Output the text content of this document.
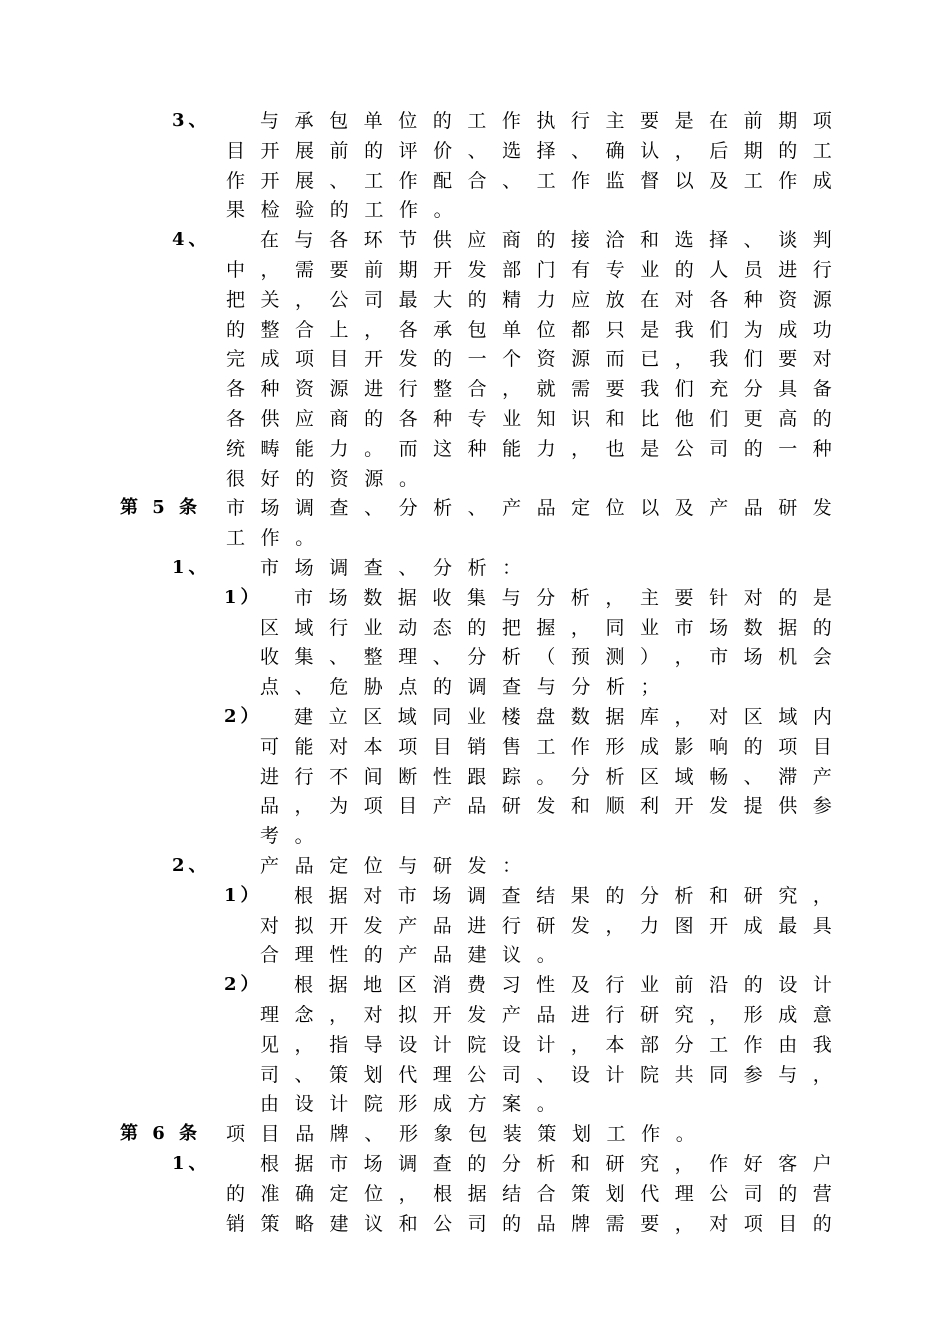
3、	与 承 包 单 位 的 工 作 执 行 主 要 是 在 前 期 项
目 开 展 前 的 评 价 、 选 择 、 确 认 ， 后 期 的 工
作 开 展 、 工 作 配 合 、 工 作 监 督 以 及 工 作 成
果 检 验 的 工 作 。
4、	在 与 各 环 节 供 应 商 的 接 洽 和 选 择 、 谈 判
中 ， 需 要 前 期 开 发 部 门 有 专 业 的 人 员 进 行
把 关 ， 公 司 最 大 的 精 力 应 放 在 对 各 种 资 源
的 整 合 上 ， 各 承 包 单 位 都 只 是 我 们 为 成 功
完 成 项 目 开 发 的 一 个 资 源 而 已 ， 我 们 要 对
各 种 资 源 进 行 整 合 ， 就 需 要 我 们 充 分 具 备
各 供 应 商 的 各 种 专 业 知 识 和 比 他 们 更 高 的
统 畴 能 力 。 而 这 种 能 力 ， 也 是 公 司 的 一 种
很 好 的 资 源 。
第 5 条 市 场 调 查 、 分 析 、 产 品 定 位 以 及 产 品 研 发
工 作 。
1、	市 场 调 查 、 分 析 ：
1） 市 场 数 据 收 集 与 分 析 ， 主 要 针 对 的 是
区 域 行 业 动 态 的 把 握 ， 同 业 市 场 数 据 的
收 集 、 整 理 、 分 析 （ 预 测 ） ， 市 场 机 会
点 、 危 胁 点 的 调 查 与 分 析 ；
2） 建 立 区 域 同 业 楼 盘 数 据 库 ， 对 区 域 内
可 能 对 本 项 目 销 售 工 作 形 成 影 响 的 项 目
进 行 不 间 断 性 跟 踪 。 分 析 区 域 畅 、 滞 产
品 ， 为 项 目 产 品 研 发 和 顺 利 开 发 提 供 参
考 。
2、	产 品 定 位 与 研 发 ：
1） 根 据 对 市 场 调 查 结 果 的 分 析 和 研 究 ，
对 拟 开 发 产 品 进 行 研 发 ， 力 图 开 成 最 具
合 理 性 的 产 品 建 议 。
2） 根 据 地 区 消 费 习 性 及 行 业 前 沿 的 设 计
理 念 ， 对 拟 开 发 产 品 进 行 研 究 ， 形 成 意
见 ， 指 导 设 计 院 设 计 ， 本 部 分 工 作 由 我
司 、 策 划 代 理 公 司 、 设 计 院 共 同 参 与 ，
由 设 计 院 形 成 方 案 。
第 6 条 项 目 品 牌 、 形 象 包 装 策 划 工 作 。
1、	根 据 市 场 调 查 的 分 析 和 研 究 ， 作 好 客 户
的 准 确 定 位 ， 根 据 结 合 策 划 代 理 公 司 的 营
销 策 略 建 议 和 公 司 的 品 牌 需 要 ， 对 项 目 的
